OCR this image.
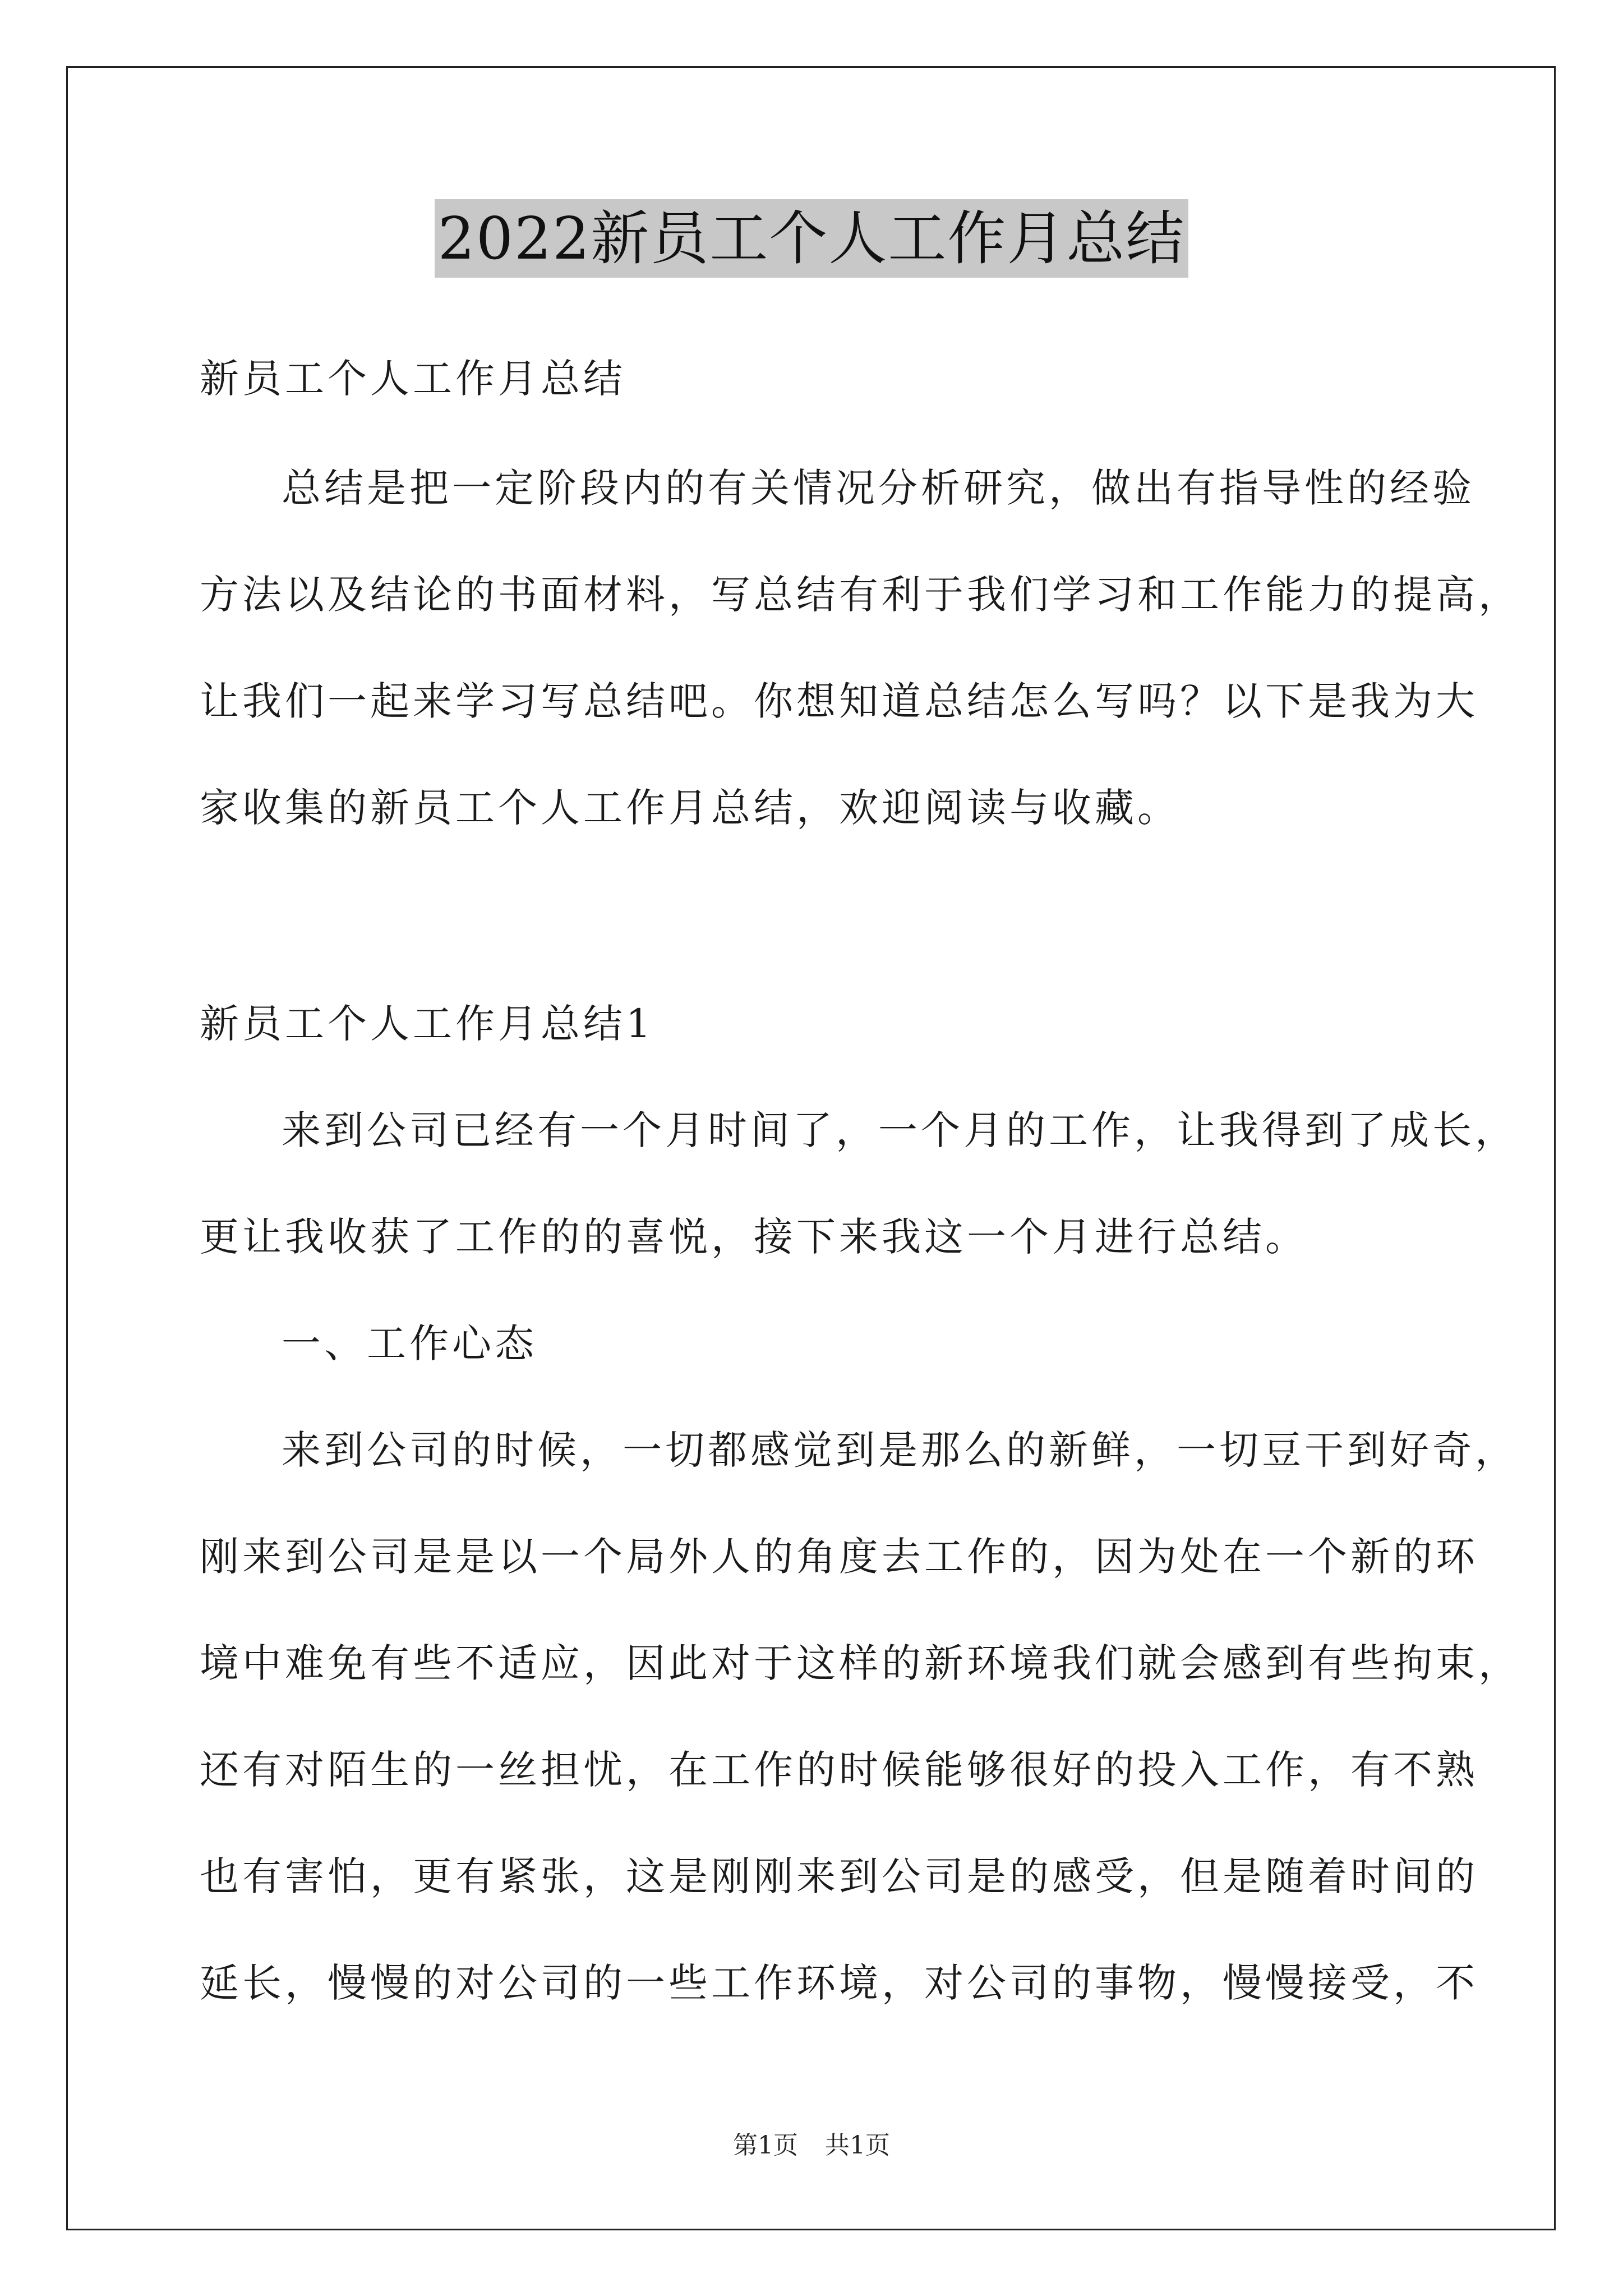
2022新员工个人工作月总结
新员工个人工作月总结
总结是把一定阶段内的有关情况分析研究，做出有指导性的经验
方法以及结论的书面材料，写总结有利于我们学习和工作能力的提高，
让我们一起来学习写总结吧。你想知道总结怎么写吗？以下是我为大
家收集的新员工个人工作月总结，欢迎阅读与收藏。
新员工个人工作月总结1
来到公司已经有一个月时间了，一个月的工作，让我得到了成长，
更让我收获了工作的的喜悦，接下来我这一个月进行总结。
一、工作心态
来到公司的时候，一切都感觉到是那么的新鲜，一切豆干到好奇，
刚来到公司是是以一个局外人的角度去工作的，因为处在一个新的环
境中难免有些不适应，因此对于这样的新环境我们就会感到有些拘束，
还有对陌生的一丝担忧，在工作的时候能够很好的投入工作，有不熟
也有害怕，更有紧张，这是刚刚来到公司是的感受，但是随着时间的
延长，慢慢的对公司的一些工作环境，对公司的事物，慢慢接受，不
第1页 共1页
